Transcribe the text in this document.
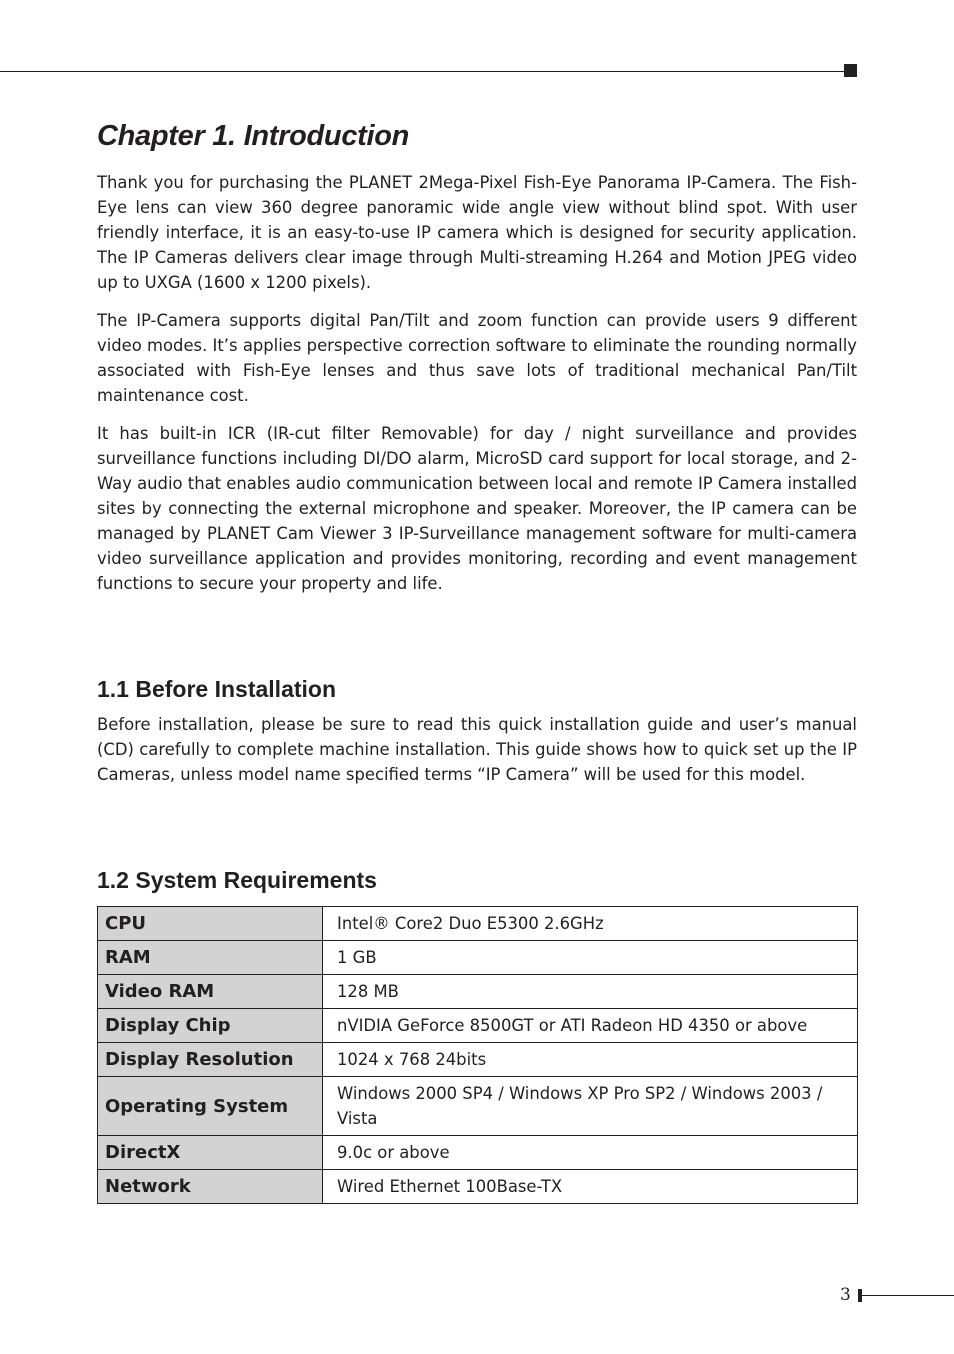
Chapter 1. Introduction

Thank you for purchasing the PLANET 2Mega-Pixel Fish-Eye Panorama IP-Camera. The Fish-Eye lens can view 360 degree panoramic wide angle view without blind spot. With user friendly interface, it is an easy-to-use IP camera which is designed for security application. The IP Cameras delivers clear image through Multi-streaming H.264 and Motion JPEG video up to UXGA (1600 x 1200 pixels).

The IP-Camera supports digital Pan/Tilt and zoom function can provide users 9 different video modes. It’s applies perspective correction software to eliminate the rounding normally associated with Fish-Eye lenses and thus save lots of traditional mechanical Pan/Tilt maintenance cost.

It has built-in ICR (IR-cut filter Removable) for day / night surveillance and provides surveillance functions including DI/DO alarm, MicroSD card support for local storage, and 2-Way audio that enables audio communication between local and remote IP Camera installed sites by connecting the external microphone and speaker. Moreover, the IP camera can be managed by PLANET Cam Viewer 3 IP-Surveillance management software for multi-camera video surveillance application and provides monitoring, recording and event management functions to secure your property and life.

1.1 Before Installation

Before installation, please be sure to read this quick installation guide and user’s manual (CD) carefully to complete machine installation. This guide shows how to quick set up the IP Cameras, unless model name specified terms “IP Camera” will be used for this model.

1.2 System Requirements
CPU	Intel® Core2 Duo E5300 2.6GHz
RAM	1 GB
Video RAM	128 MB
Display Chip	nVIDIA GeForce 8500GT or ATI Radeon HD 4350 or above
Display Resolution	1024 x 768 24bits
Operating System	Windows 2000 SP4 / Windows XP Pro SP2 / Windows 2003 / Vista
DirectX	9.0c or above
Network	Wired Ethernet 100Base-TX
3
